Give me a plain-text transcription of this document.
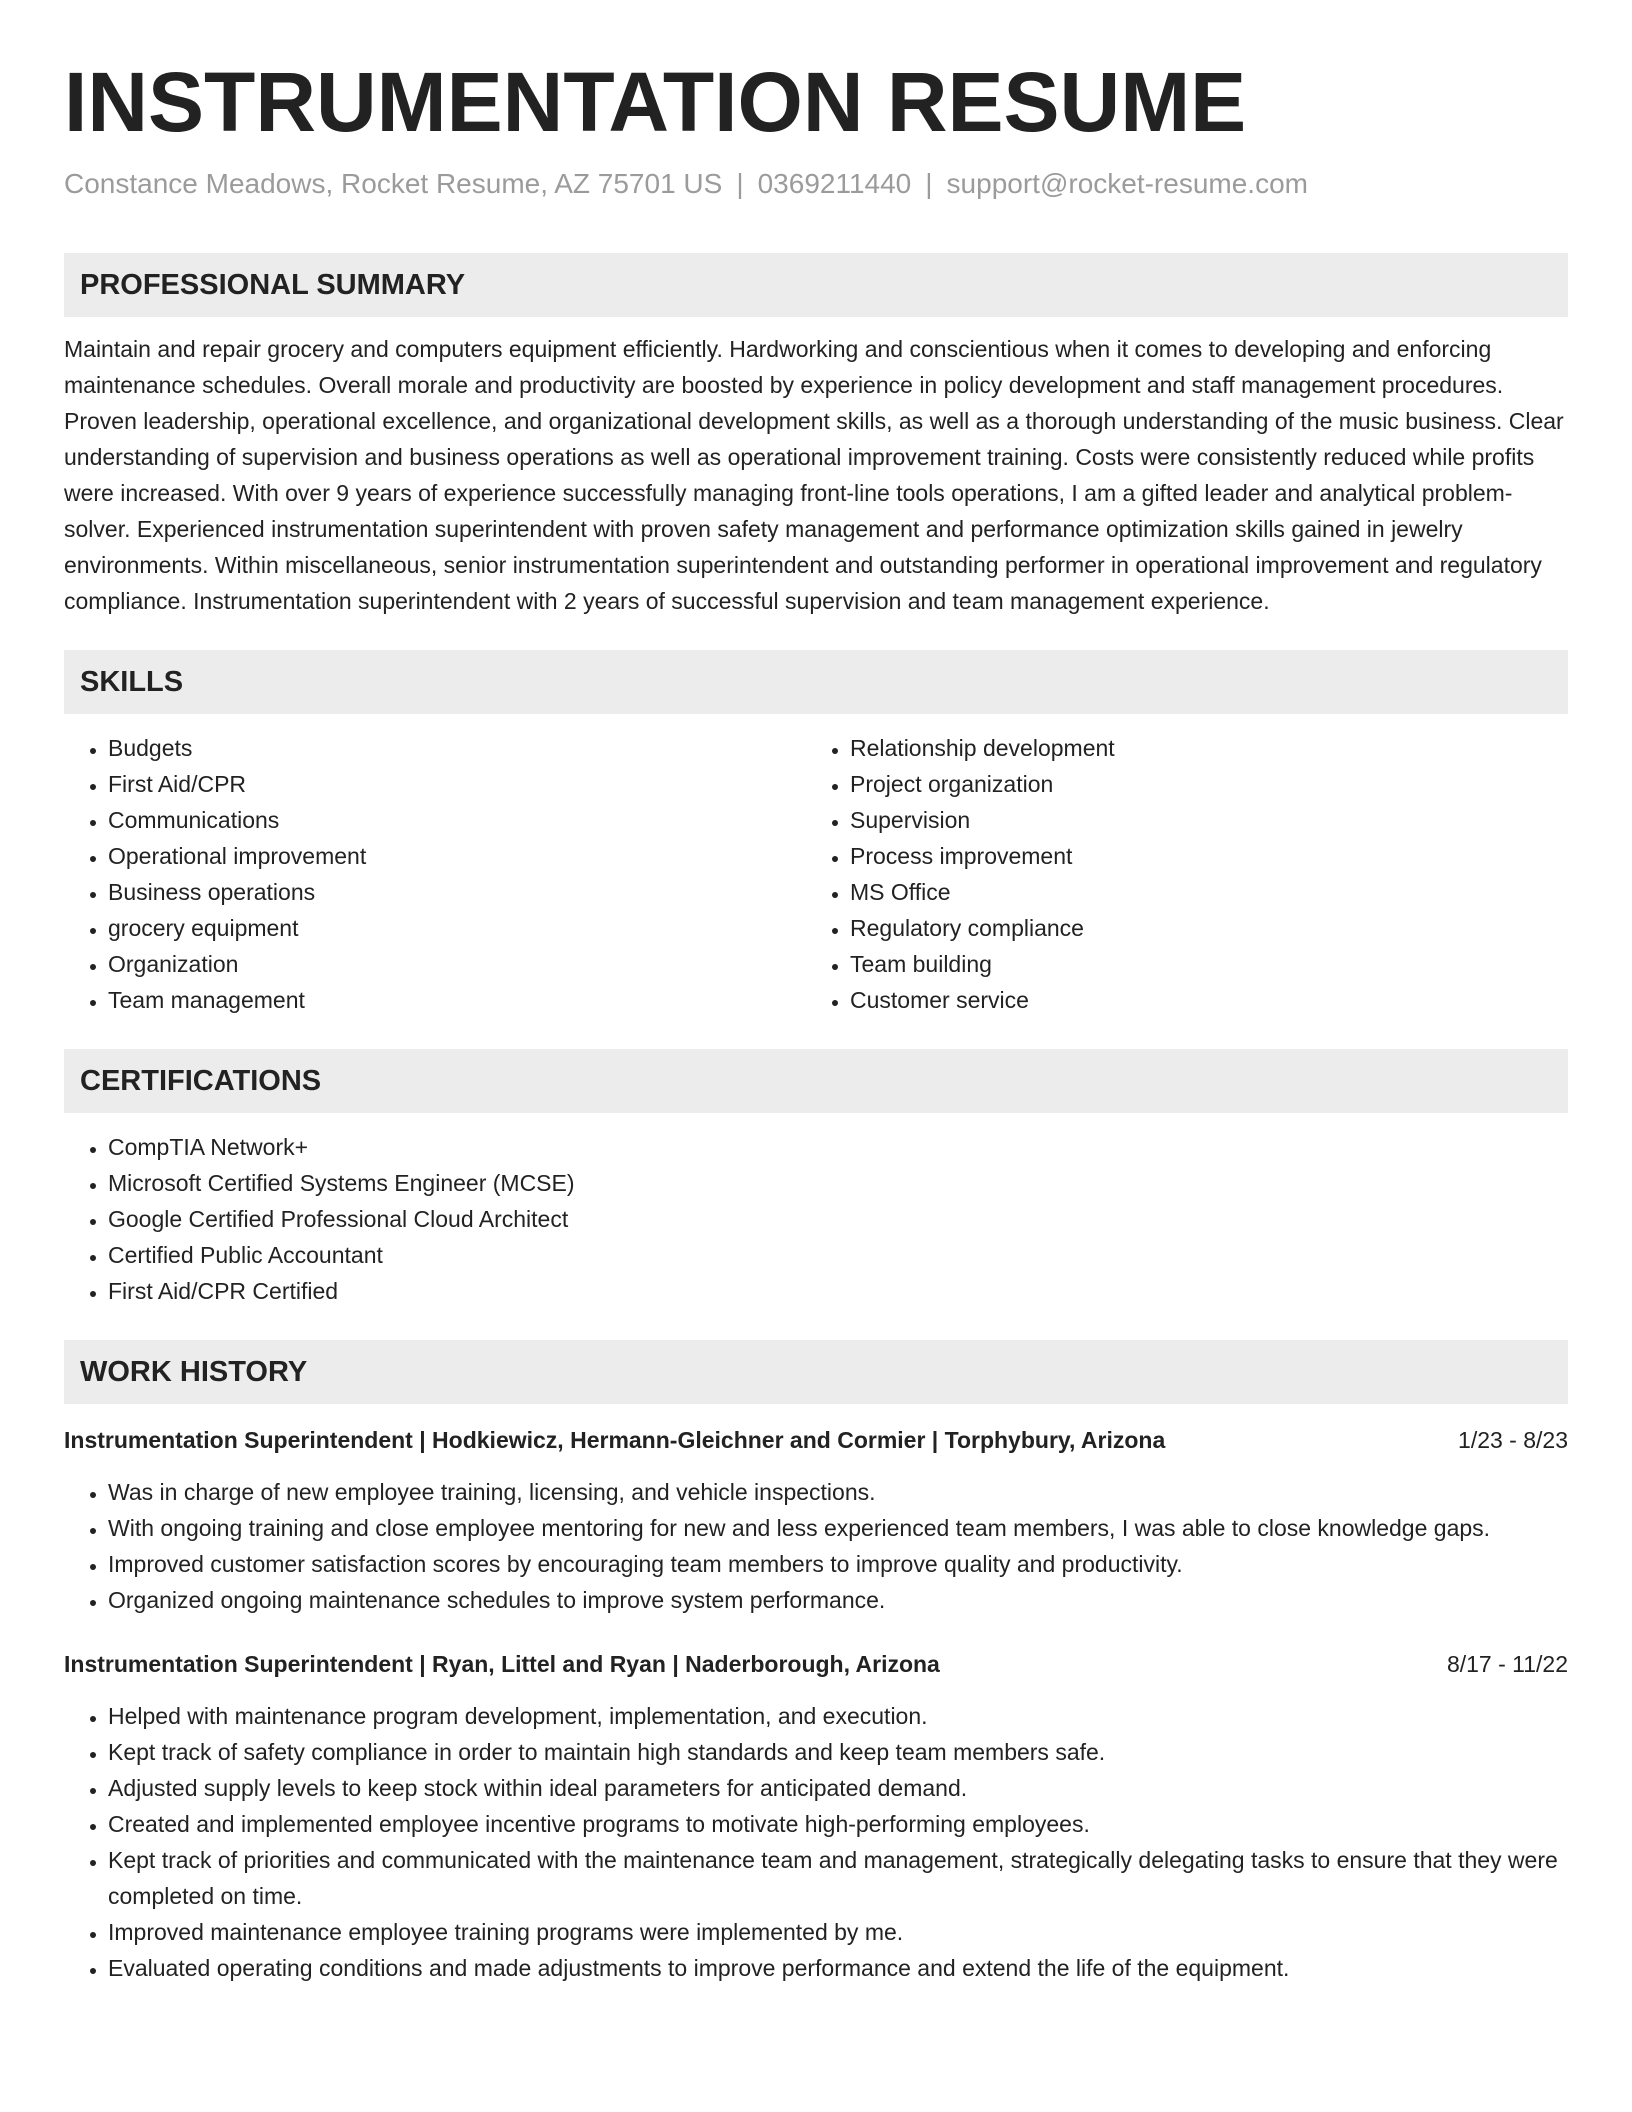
INSTRUMENTATION RESUME
Constance Meadows, Rocket Resume, AZ 75701 US | 0369211440 | support@rocket-resume.com
PROFESSIONAL SUMMARY

Maintain and repair grocery and computers equipment efficiently. Hardworking and conscientious when it comes to developing and enforcing maintenance schedules. Overall morale and productivity are boosted by experience in policy development and staff management procedures. Proven leadership, operational excellence, and organizational development skills, as well as a thorough understanding of the music business. Clear understanding of supervision and business operations as well as operational improvement training. Costs were consistently reduced while profits were increased. With over 9 years of experience successfully managing front-line tools operations, I am a gifted leader and analytical problem-solver. Experienced instrumentation superintendent with proven safety management and performance optimization skills gained in jewelry environments. Within miscellaneous, senior instrumentation superintendent and outstanding performer in operational improvement and regulatory compliance. Instrumentation superintendent with 2 years of successful supervision and team management experience.

SKILLS
• Budgets
• First Aid/CPR
• Communications
• Operational improvement
• Business operations
• grocery equipment
• Organization
• Team management
• Relationship development
• Project organization
• Supervision
• Process improvement
• MS Office
• Regulatory compliance
• Team building
• Customer service
CERTIFICATIONS
• CompTIA Network+
• Microsoft Certified Systems Engineer (MCSE)
• Google Certified Professional Cloud Architect
• Certified Public Accountant
• First Aid/CPR Certified
WORK HISTORY
Instrumentation Superintendent | Hodkiewicz, Hermann-Gleichner and Cormier | Torphybury, Arizona	1/23 - 8/23
• Was in charge of new employee training, licensing, and vehicle inspections.
• With ongoing training and close employee mentoring for new and less experienced team members, I was able to close knowledge gaps.
• Improved customer satisfaction scores by encouraging team members to improve quality and productivity.
• Organized ongoing maintenance schedules to improve system performance.
Instrumentation Superintendent | Ryan, Littel and Ryan | Naderborough, Arizona	8/17 - 11/22
• Helped with maintenance program development, implementation, and execution.
• Kept track of safety compliance in order to maintain high standards and keep team members safe.
• Adjusted supply levels to keep stock within ideal parameters for anticipated demand.
• Created and implemented employee incentive programs to motivate high-performing employees.
• Kept track of priorities and communicated with the maintenance team and management, strategically delegating tasks to ensure that they were completed on time.
• Improved maintenance employee training programs were implemented by me.
• Evaluated operating conditions and made adjustments to improve performance and extend the life of the equipment.
